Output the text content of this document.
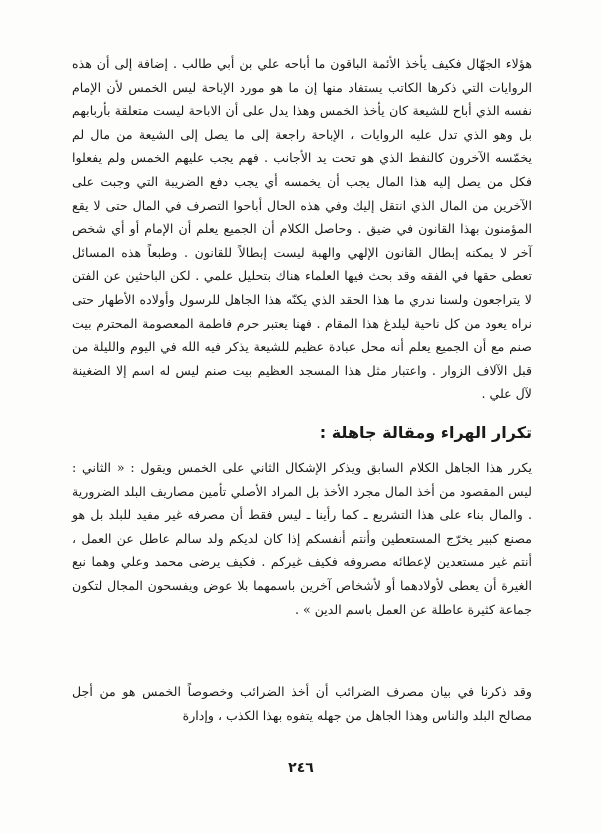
هؤلاء الجهّال فكيف يأخذ الأئمة الباقون ما أباحه علي بن أبي طالب . إضافة إلى أن هذه الروايات التي ذكرها الكاتب يستفاد منها إن ما هو مورد الإباحة ليس الخمس لأن الإمام نفسه الذي أباح للشيعة كان يأخذ الخمس وهذا يدل على أن الاباحة ليست متعلقة بأربابهم بل وهو الذي تدل عليه الروايات ، الإباحة راجعة إلى ما يصل إلى الشيعة من مال لم يخمّسه الآخرون كالنفط الذي هو تحت يد الأجانب . فهم يجب عليهم الخمس ولم يفعلوا فكل من يصل إليه هذا المال يجب أن يخمسه أي يجب دفع الضريبة التي وجبت على الآخرين من المال الذي انتقل إليك وفي هذه الحال أباحوا التصرف في المال حتى لا يقع المؤمنون بهذا القانون في ضيق . وحاصل الكلام أن الجميع يعلم أن الإمام أو أي شخص آخر لا يمكنه إبطال القانون الإلهي والهبة ليست إبطالاً للقانون . وطبعاً هذه المسائل تعطى حقها في الفقه وقد بحث فيها العلماء هناك بتحليل علمي . لكن الباحثين عن الفتن لا يتراجعون ولسنا ندري ما هذا الحقد الذي يكنّه هذا الجاهل للرسول وأولاده الأطهار حتى نراه يعود من كل ناحية ليلدغ هذا المقام . فهنا يعتبر حرم فاطمة المعصومة المحترم بيت صنم مع أن الجميع يعلم أنه محل عبادة عظيم للشيعة يذكر فيه الله في اليوم والليلة من قبل الآلاف الزوار . واعتبار مثل هذا المسجد العظيم بيت صنم ليس له اسم إلا الضغينة لآل علي .

تكرار الهراء ومقالة جاهلة :

يكرر هذا الجاهل الكلام السابق ويذكر الإشكال الثاني على الخمس ويقول : « الثاني : ليس المقصود من أخذ المال مجرد الأخذ بل المراد الأصلي تأمين مصاريف البلد الضرورية . والمال بناء على هذا التشريع ـ كما رأينا ـ ليس فقط أن مصرفه غير مفيد للبلد بل هو مصنع كبير يخرّج المستعطين وأنتم أنفسكم إذا كان لديكم ولد سالم عاطل عن العمل ، أنتم غير مستعدين لإعطائه مصروفه فكيف غيركم . فكيف يرضى محمد وعلي وهما نبع الغيرة أن يعطى لأولادهما أو لأشخاص آخرين باسمهما بلا عوض ويفسحون المجال لتكون جماعة كثيرة عاطلة عن العمل باسم الدين » .

وقد ذكرنا في بيان مصرف الضرائب أن أخذ الضرائب وخصوصاً الخمس هو من أجل مصالح البلد والناس وهذا الجاهل من جهله يتفوه بهذا الكذب ، وإدارة

٢٤٦
